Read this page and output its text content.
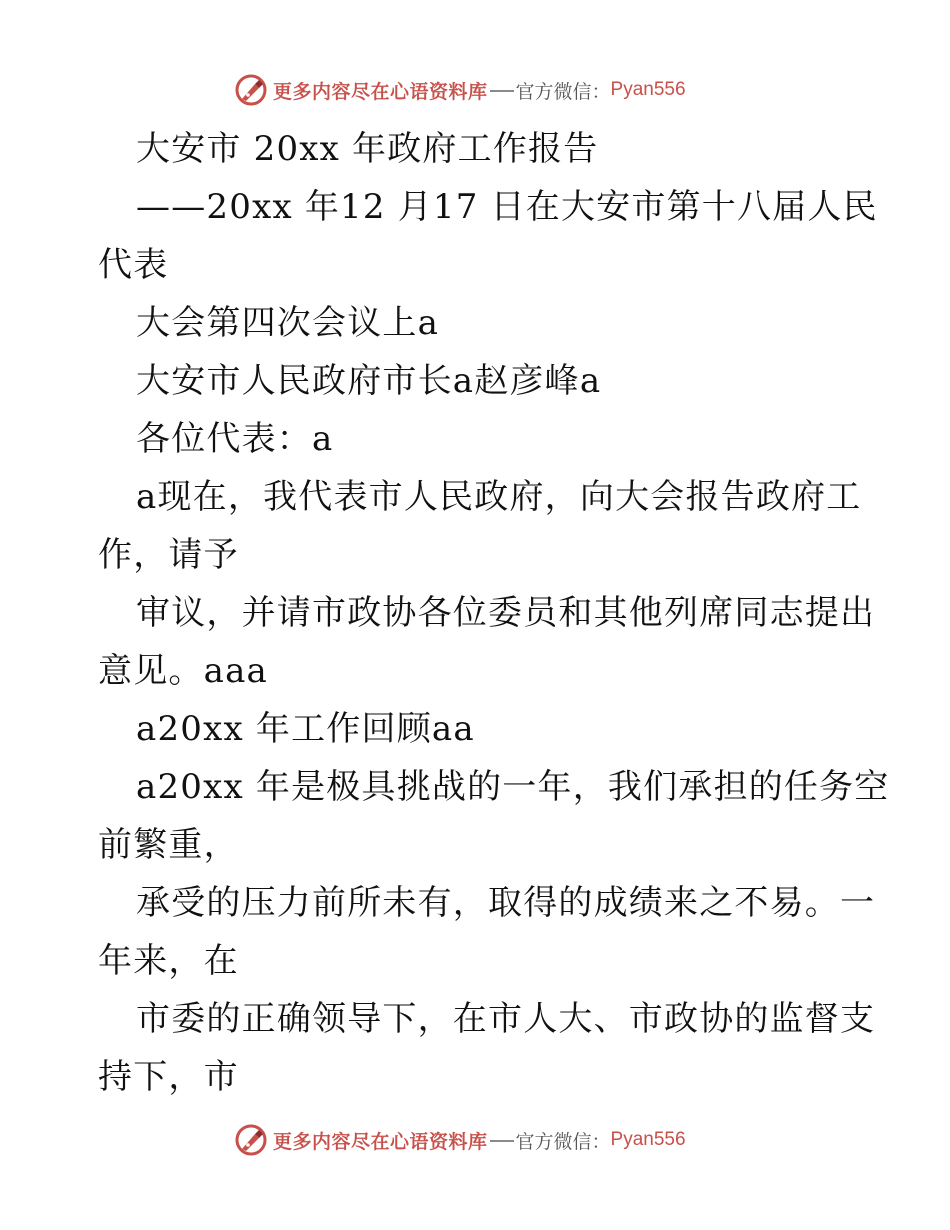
更多内容尽在心语资料库 官方微信： Pyan556
大安市 20xx 年政府工作报告
——20xx 年12 月17 日在大安市第十八届人民
代表
大会第四次会议上a
大安市人民政府市长a赵彦峰a
各位代表：a
a现在，我代表市人民政府，向大会报告政府工
作，请予
审议，并请市政协各位委员和其他列席同志提出
意见。aaa
a20xx 年工作回顾aa
a20xx 年是极具挑战的一年，我们承担的任务空
前繁重，
承受的压力前所未有，取得的成绩来之不易。一
年来，在
市委的正确领导下，在市人大、市政协的监督支
持下，市
更多内容尽在心语资料库 官方微信： Pyan556
